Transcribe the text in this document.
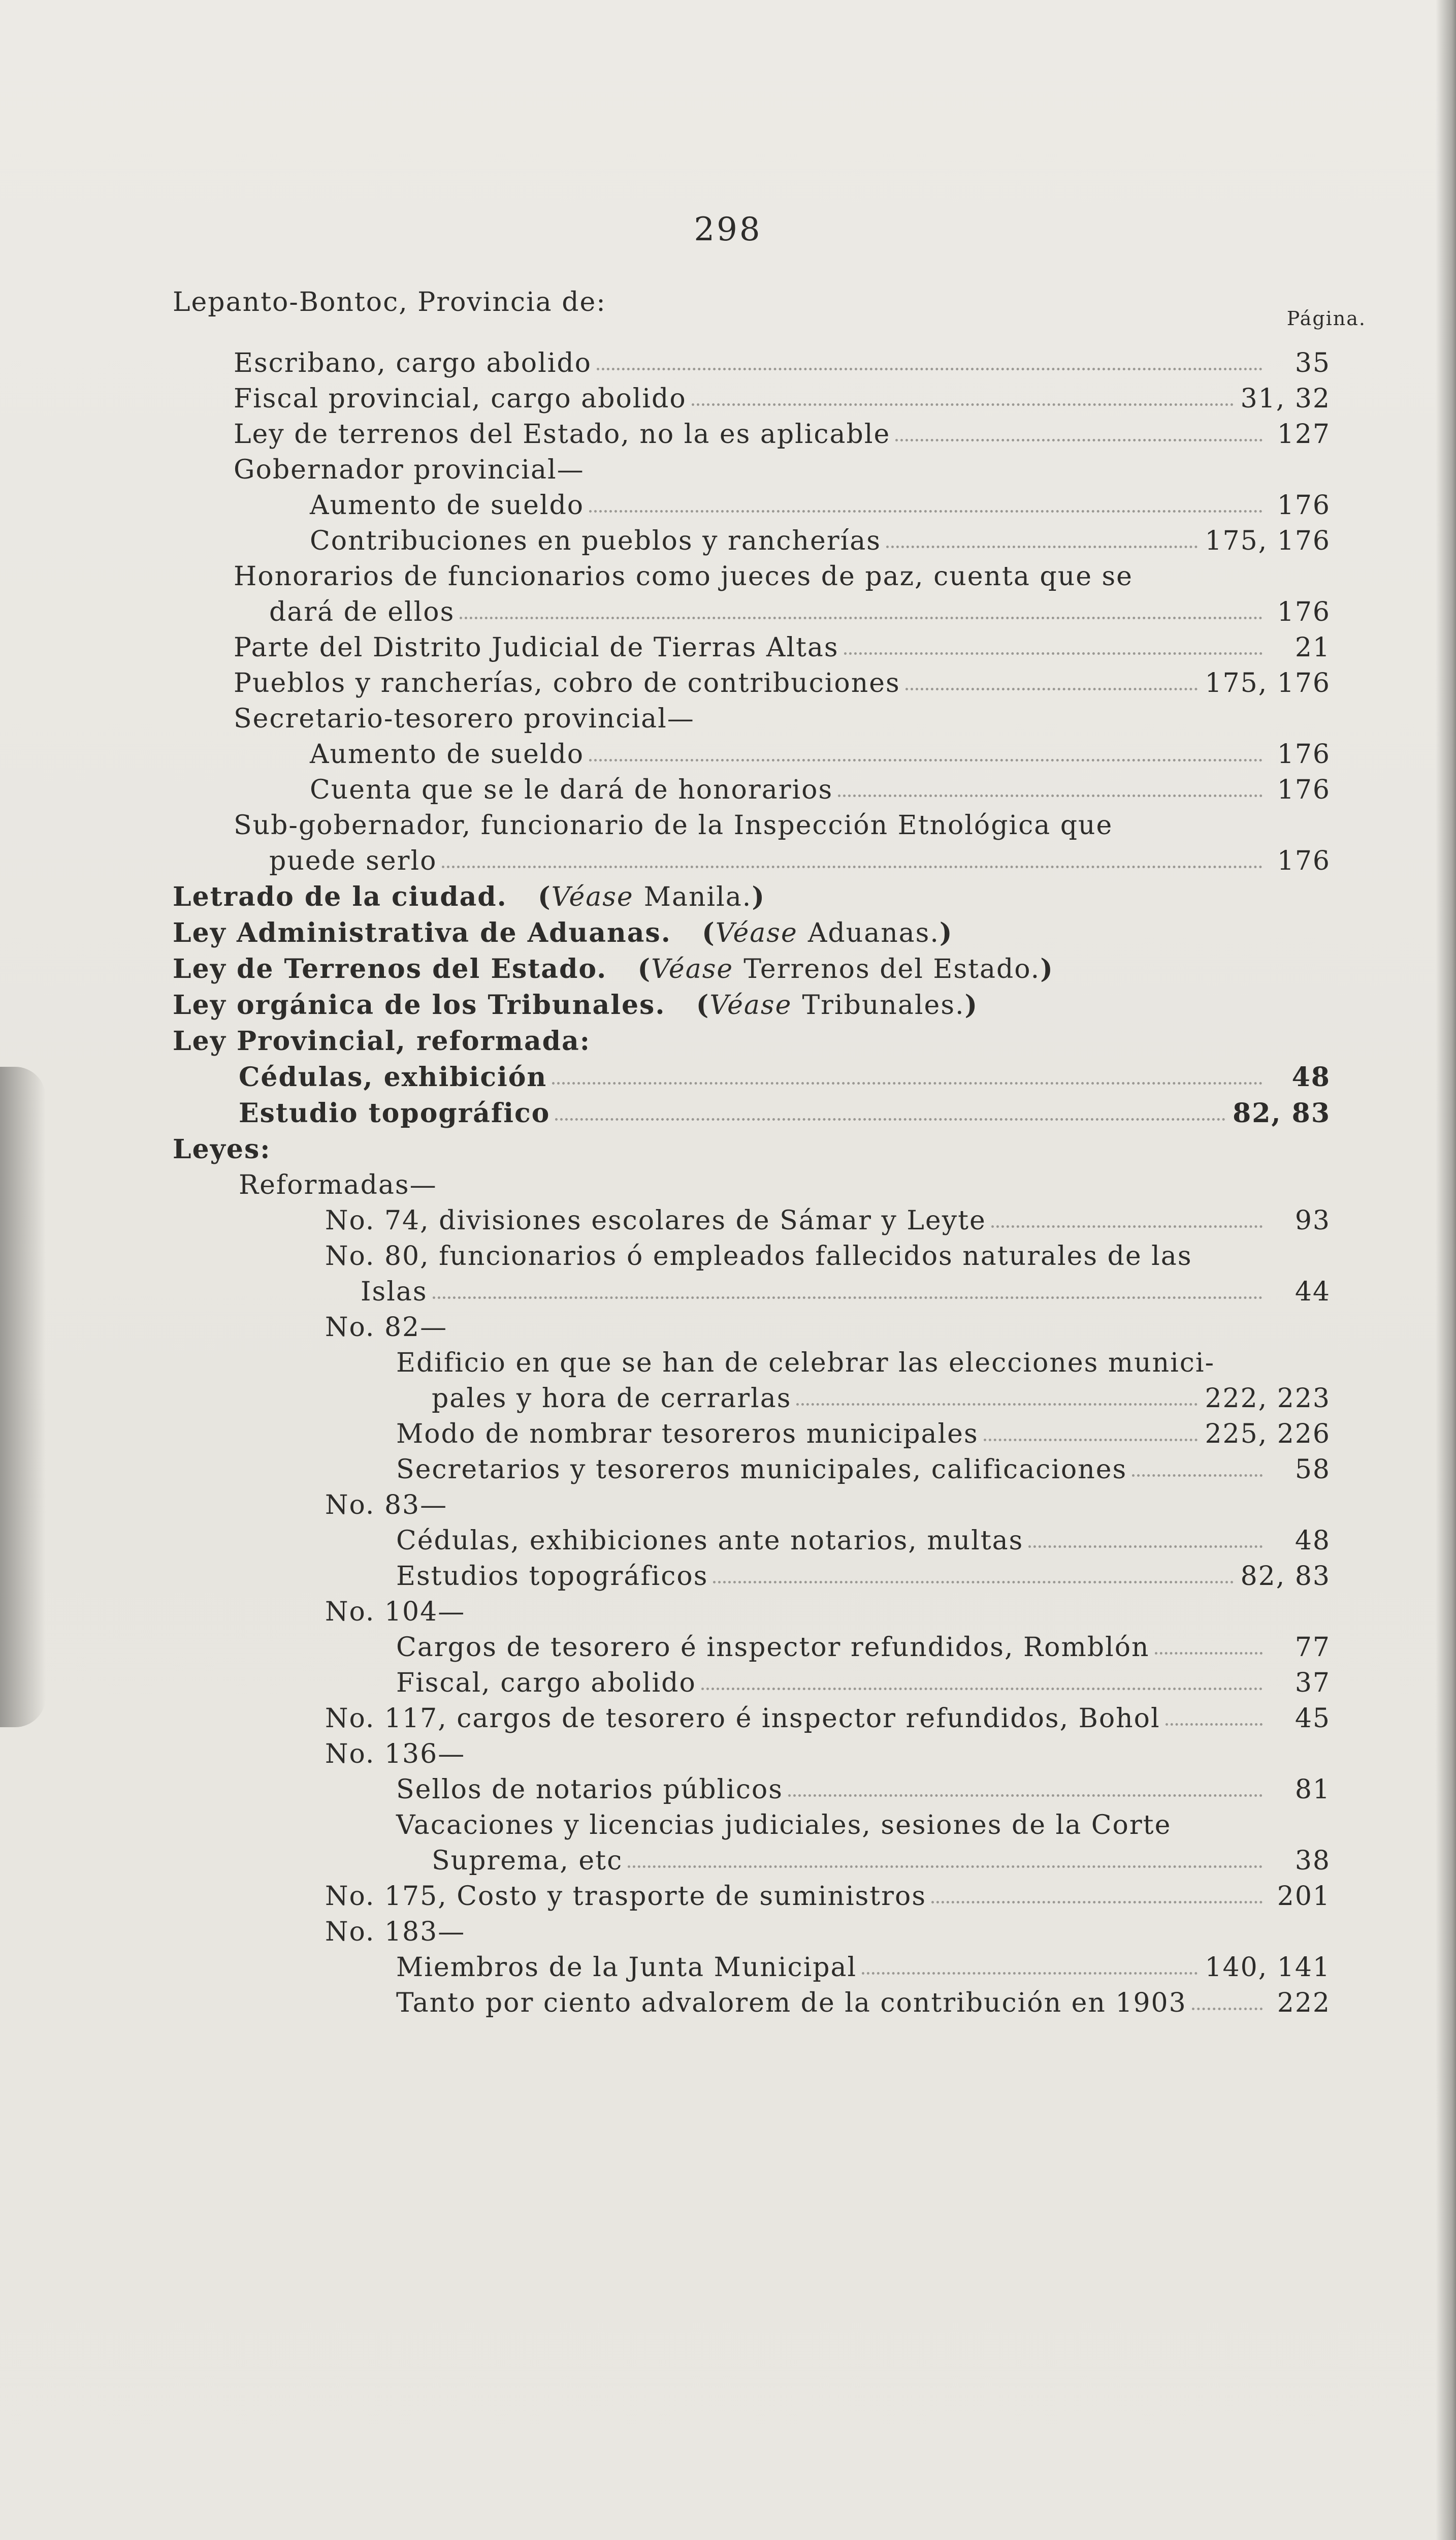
298
Página.
Lepanto-Bontoc, Provincia de:
Escribano, cargo abolido	35
Fiscal provincial, cargo abolido	31, 32
Ley de terrenos del Estado, no la es aplicable	127
Gobernador provincial—
Aumento de sueldo	176
Contribuciones en pueblos y rancherías	175, 176
Honorarios de funcionarios como jueces de paz, cuenta que se
dará de ellos	176
Parte del Distrito Judicial de Tierras Altas	21
Pueblos y rancherías, cobro de contribuciones	175, 176
Secretario-tesorero provincial—
Aumento de sueldo	176
Cuenta que se le dará de honorarios	176
Sub-gobernador, funcionario de la Inspección Etnológica que
puede serlo	176
Letrado de la ciudad.   (Véase Manila.)
Ley Administrativa de Aduanas.   (Véase Aduanas.)
Ley de Terrenos del Estado.   (Véase Terrenos del Estado.)
Ley orgánica de los Tribunales.   (Véase Tribunales.)
Ley Provincial, reformada:
Cédulas, exhibición	48
Estudio topográfico	82, 83
Leyes:
Reformadas—
No. 74, divisiones escolares de Sámar y Leyte	93
No. 80, funcionarios ó empleados fallecidos naturales de las
Islas	44
No. 82—
Edificio en que se han de celebrar las elecciones munici-
pales y hora de cerrarlas	222, 223
Modo de nombrar tesoreros municipales	225, 226
Secretarios y tesoreros municipales, calificaciones	58
No. 83—
Cédulas, exhibiciones ante notarios, multas	48
Estudios topográficos	82, 83
No. 104—
Cargos de tesorero é inspector refundidos, Romblón	77
Fiscal, cargo abolido	37
No. 117, cargos de tesorero é inspector refundidos, Bohol	45
No. 136—
Sellos de notarios públicos	81
Vacaciones y licencias judiciales, sesiones de la Corte
Suprema, etc	38
No. 175, Costo y trasporte de suministros	201
No. 183—
Miembros de la Junta Municipal	140, 141
Tanto por ciento advalorem de la contribución en 1903	222
